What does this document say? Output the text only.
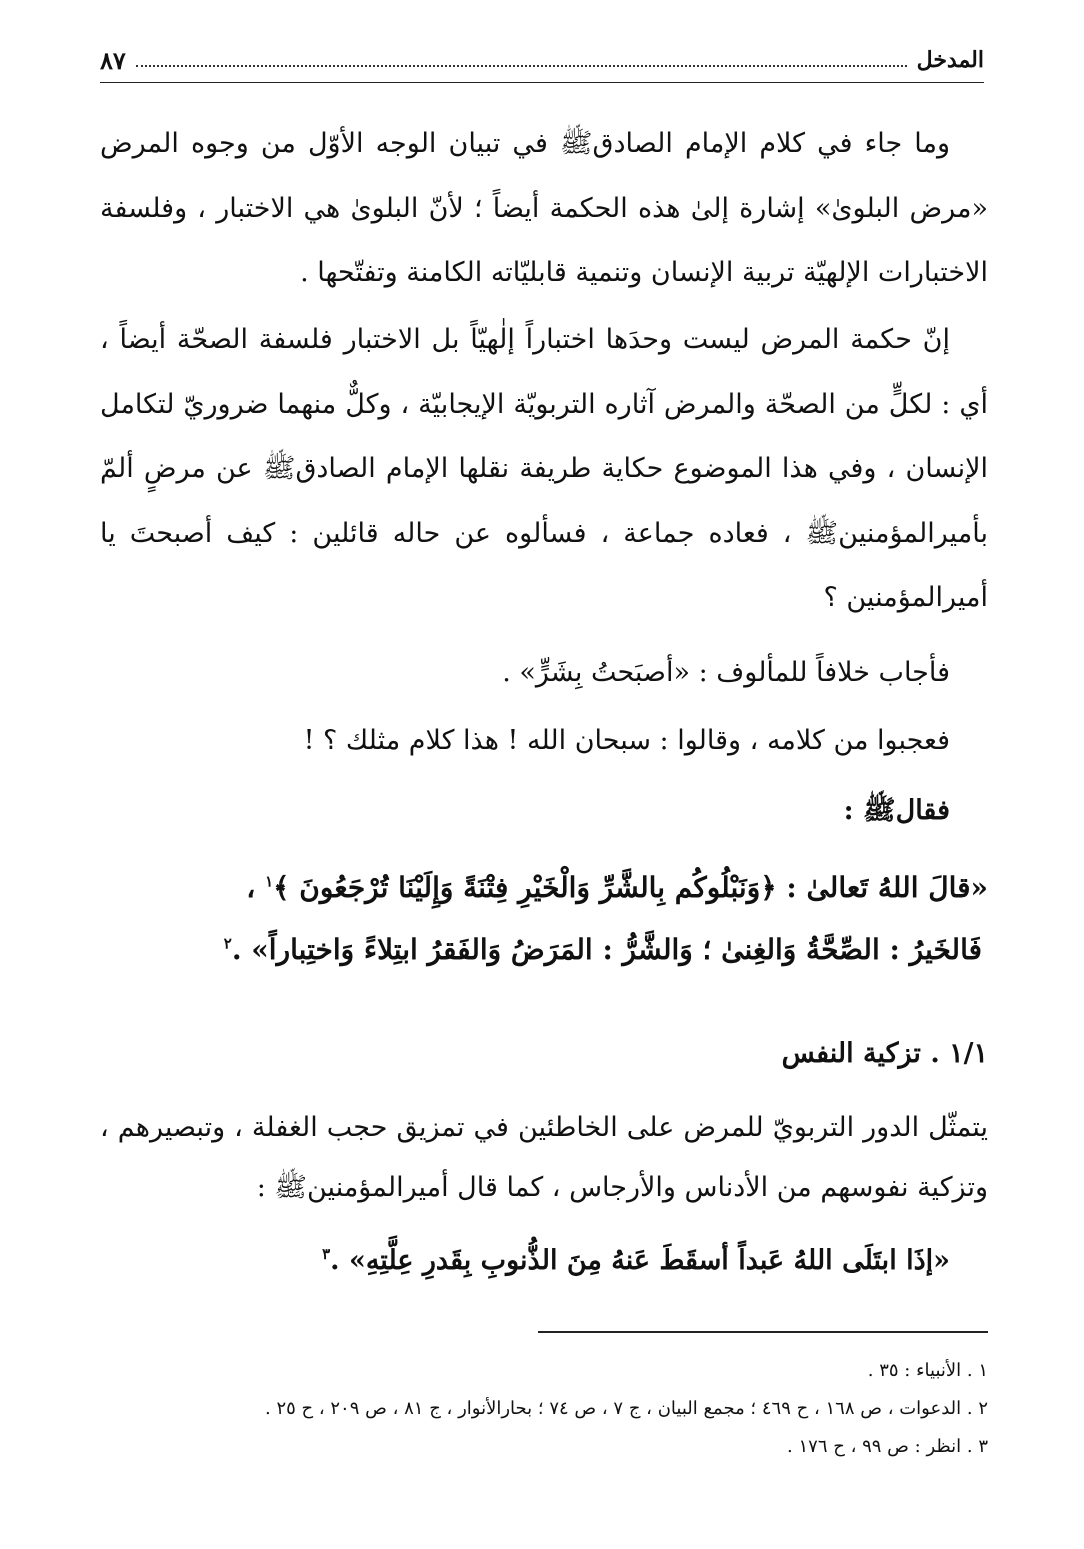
المدخل
٨٧

وما جاء في كلام الإمام الصادقﷺ في تبيان الوجه الأوّل من وجوه المرض «مرض البلوىٰ» إشارة إلىٰ هذه الحكمة أيضاً ؛ لأنّ البلوىٰ هي الاختبار ، وفلسفة الاختبارات الإلهيّة تربية الإنسان وتنمية قابليّاته الكامنة وتفتّحها .

إنّ حكمة المرض ليست وحدَها اختباراً إلٰهيّاً بل الاختبار فلسفة الصحّة أيضاً ، أي : لكلٍّ من الصحّة والمرض آثاره التربويّة الإيجابيّة ، وكلٌّ منهما ضروريّ لتكامل الإنسان ، وفي هذا الموضوع حكاية طريفة نقلها الإمام الصادقﷺ عن مرضٍ ألمّ بأميرالمؤمنينﷺ ، فعاده جماعة ، فسألوه عن حاله قائلين : كيف أصبحتَ يا أميرالمؤمنين ؟

فأجاب خلافاً للمألوف : «أصبَحتُ بِشَرٍّ» .
فعجبوا من كلامه ، وقالوا : سبحان الله ! هذا كلام مثلك ؟ !
فقالﷺ :
«قالَ اللهُ تَعالىٰ : ﴿وَنَبْلُوكُم بِالشَّرِّ وَالْخَيْرِ فِتْنَةً وَإِلَيْنَا تُرْجَعُونَ ﴾$^١$ ،
فَالخَيرُ : الصِّحَّةُ وَالغِنىٰ ؛ وَالشَّرُّ : المَرَضُ وَالفَقرُ ابتِلاءً وَاختِباراً» .$^٢$
١/١ . تزكية النفس

يتمثّل الدور التربويّ للمرض على الخاطئين في تمزيق حجب الغفلة ، وتبصيرهم ، وتزكية نفوسهم من الأدناس والأرجاس ، كما قال أميرالمؤمنينﷺ :

«إذَا ابتَلَى اللهُ عَبداً أسقَطَ عَنهُ مِنَ الذُّنوبِ بِقَدرِ عِلَّتِهِ» .$^٣$

١ . الأنبياء : ٣٥ .

٢ . الدعوات ، ص ١٦٨ ، ح ٤٦٩ ؛ مجمع البيان ، ج ٧ ، ص ٧٤ ؛ بحارالأنوار ، ج ٨١ ، ص ٢٠٩ ، ح ٢٥ .

٣ . انظر : ص ٩٩ ، ح ١٧٦ .
